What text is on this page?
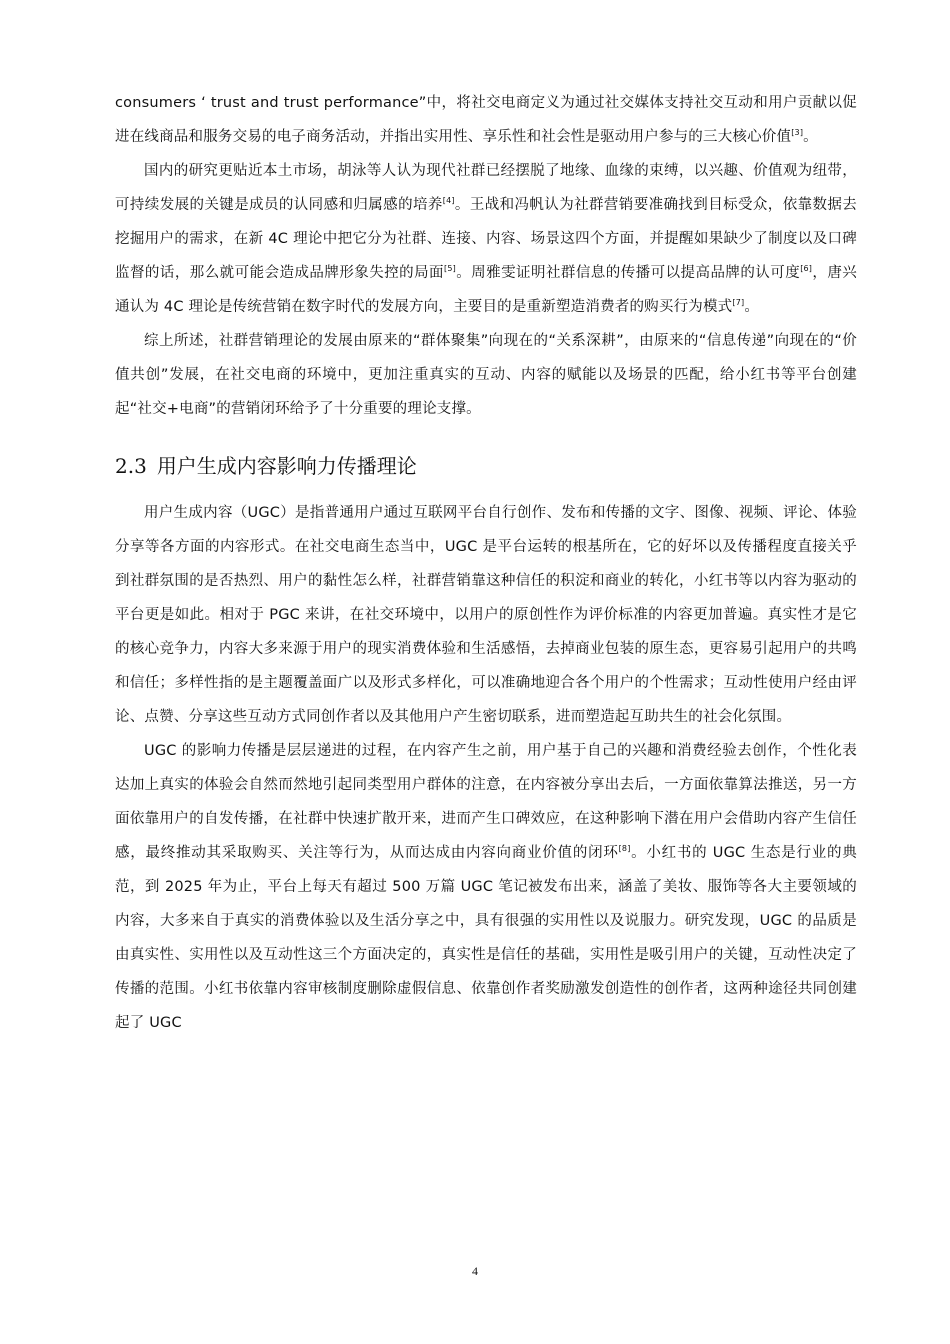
consumers ‘ trust and trust performance”中，将社交电商定义为通过社交媒体支持社交互动和用户贡献以促进在线商品和服务交易的电子商务活动，并指出实用性、享乐性和社会性是驱动用户参与的三大核心价值[3]。

国内的研究更贴近本土市场，胡泳等人认为现代社群已经摆脱了地缘、血缘的束缚，以兴趣、价值观为纽带，可持续发展的关键是成员的认同感和归属感的培养[4]。王战和冯帆认为社群营销要准确找到目标受众，依靠数据去挖掘用户的需求，在新 4C 理论中把它分为社群、连接、内容、场景这四个方面，并提醒如果缺少了制度以及口碑监督的话，那么就可能会造成品牌形象失控的局面[5]。周雅雯证明社群信息的传播可以提高品牌的认可度[6]，唐兴通认为 4C 理论是传统营销在数字时代的发展方向，主要目的是重新塑造消费者的购买行为模式[7]。

综上所述，社群营销理论的发展由原来的“群体聚集”向现在的“关系深耕”，由原来的“信息传递”向现在的“价值共创”发展，在社交电商的环境中，更加注重真实的互动、内容的赋能以及场景的匹配，给小红书等平台创建起“社交+电商”的营销闭环给予了十分重要的理论支撑。

2.3 用户生成内容影响力传播理论

用户生成内容（UGC）是指普通用户通过互联网平台自行创作、发布和传播的文字、图像、视频、评论、体验分享等各方面的内容形式。在社交电商生态当中，UGC 是平台运转的根基所在，它的好坏以及传播程度直接关乎到社群氛围的是否热烈、用户的黏性怎么样，社群营销靠这种信任的积淀和商业的转化，小红书等以内容为驱动的平台更是如此。相对于 PGC 来讲，在社交环境中，以用户的原创性作为评价标准的内容更加普遍。真实性才是它的核心竞争力，内容大多来源于用户的现实消费体验和生活感悟，去掉商业包装的原生态，更容易引起用户的共鸣和信任；多样性指的是主题覆盖面广以及形式多样化，可以准确地迎合各个用户的个性需求；互动性使用户经由评论、点赞、分享这些互动方式同创作者以及其他用户产生密切联系，进而塑造起互助共生的社会化氛围。

UGC 的影响力传播是层层递进的过程，在内容产生之前，用户基于自己的兴趣和消费经验去创作，个性化表达加上真实的体验会自然而然地引起同类型用户群体的注意，在内容被分享出去后，一方面依靠算法推送，另一方面依靠用户的自发传播，在社群中快速扩散开来，进而产生口碑效应，在这种影响下潜在用户会借助内容产生信任感，最终推动其采取购买、关注等行为，从而达成由内容向商业价值的闭环[8]。小红书的 UGC 生态是行业的典范，到 2025 年为止，平台上每天有超过 500 万篇 UGC 笔记被发布出来，涵盖了美妆、服饰等各大主要领域的内容，大多来自于真实的消费体验以及生活分享之中，具有很强的实用性以及说服力。研究发现，UGC 的品质是由真实性、实用性以及互动性这三个方面决定的，真实性是信任的基础，实用性是吸引用户的关键，互动性决定了传播的范围。小红书依靠内容审核制度删除虚假信息、依靠创作者奖励激发创造性的创作者，这两种途径共同创建起了 UGC

4
